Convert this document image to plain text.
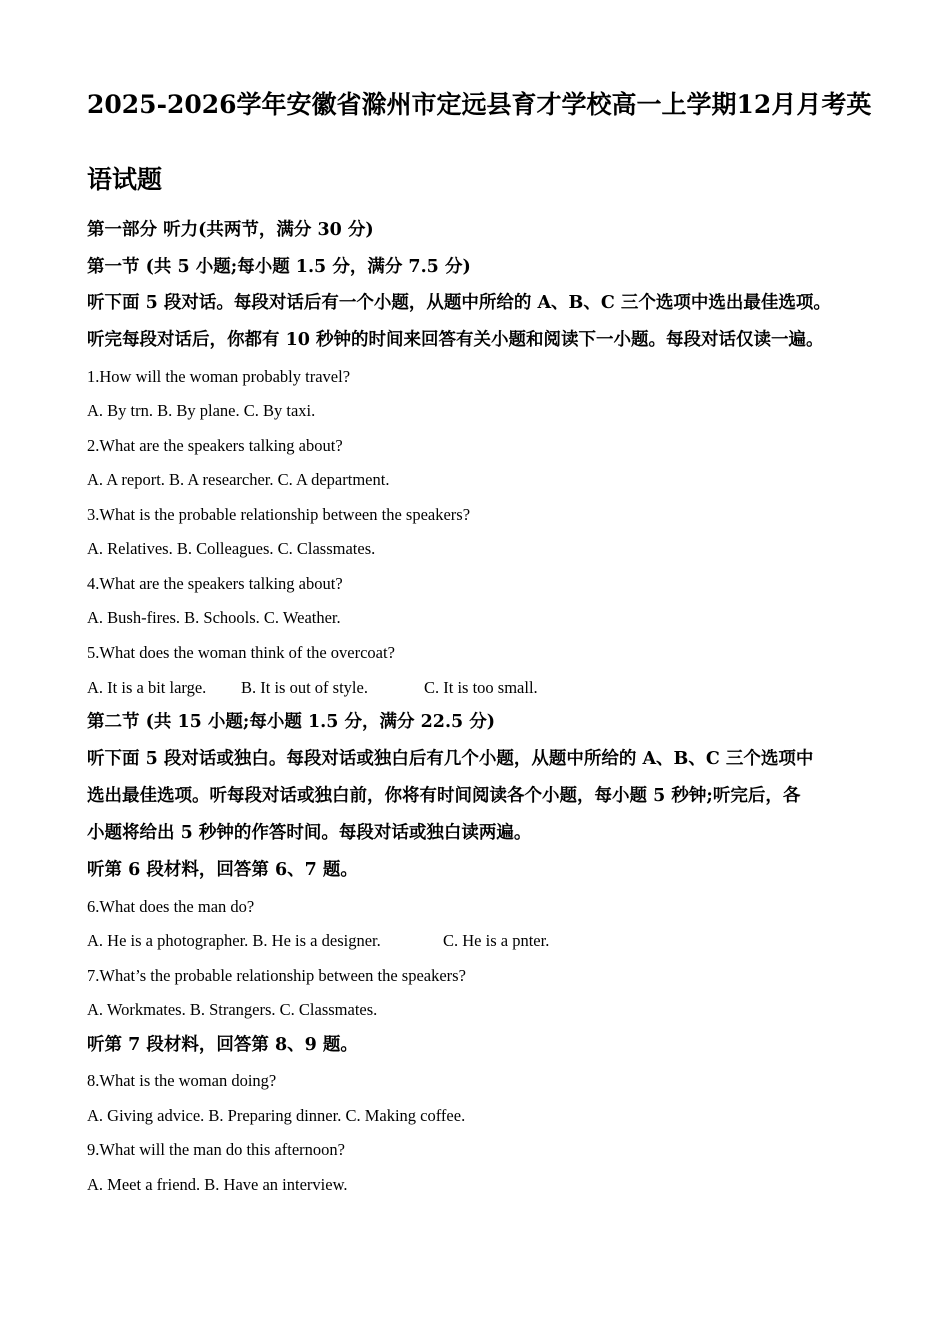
2025-2026学年安徽省滁州市定远县育才学校高一上学期12月月考英
语试题
第一部分 听力(共两节，满分 30 分)
第一节 (共 5 小题;每小题 1.5 分，满分 7.5 分)
听下面 5 段对话。每段对话后有一个小题，从题中所给的 A、B、C 三个选项中选出最佳选项。
听完每段对话后，你都有 10 秒钟的时间来回答有关小题和阅读下一小题。每段对话仅读一遍。
1.How will the woman probably travel?
A. By trn. B. By plane. C. By taxi.
2.What are the speakers talking about?
A. A report. B. A researcher. C. A department.
3.What is the probable relationship between the speakers?
A. Relatives. B. Colleagues. C. Classmates.
4.What are the speakers talking about?
A. Bush-fires. B. Schools. C. Weather.
5.What does the woman think of the overcoat?
A. It is a bit large. B. It is out of style.	C. It is too small.
第二节 (共 15 小题;每小题 1.5 分，满分 22.5 分)
听下面 5 段对话或独白。每段对话或独白后有几个小题，从题中所给的 A、B、C 三个选项中
选出最佳选项。听每段对话或独白前，你将有时间阅读各个小题，每小题 5 秒钟;听完后，各
小题将给出 5 秒钟的作答时间。每段对话或独白读两遍。
听第 6 段材料，回答第 6、7 题。
6.What does the man do?
A. He is a photographer. B. He is a designer.	C. He is a pnter.
7.What’s the probable relationship between the speakers?
A. Workmates. B. Strangers. C. Classmates.
听第 7 段材料，回答第 8、9 题。
8.What is the woman doing?
A. Giving advice. B. Preparing dinner. C. Making coffee.
9.What will the man do this afternoon?
A. Meet a friend. B. Have an interview.
